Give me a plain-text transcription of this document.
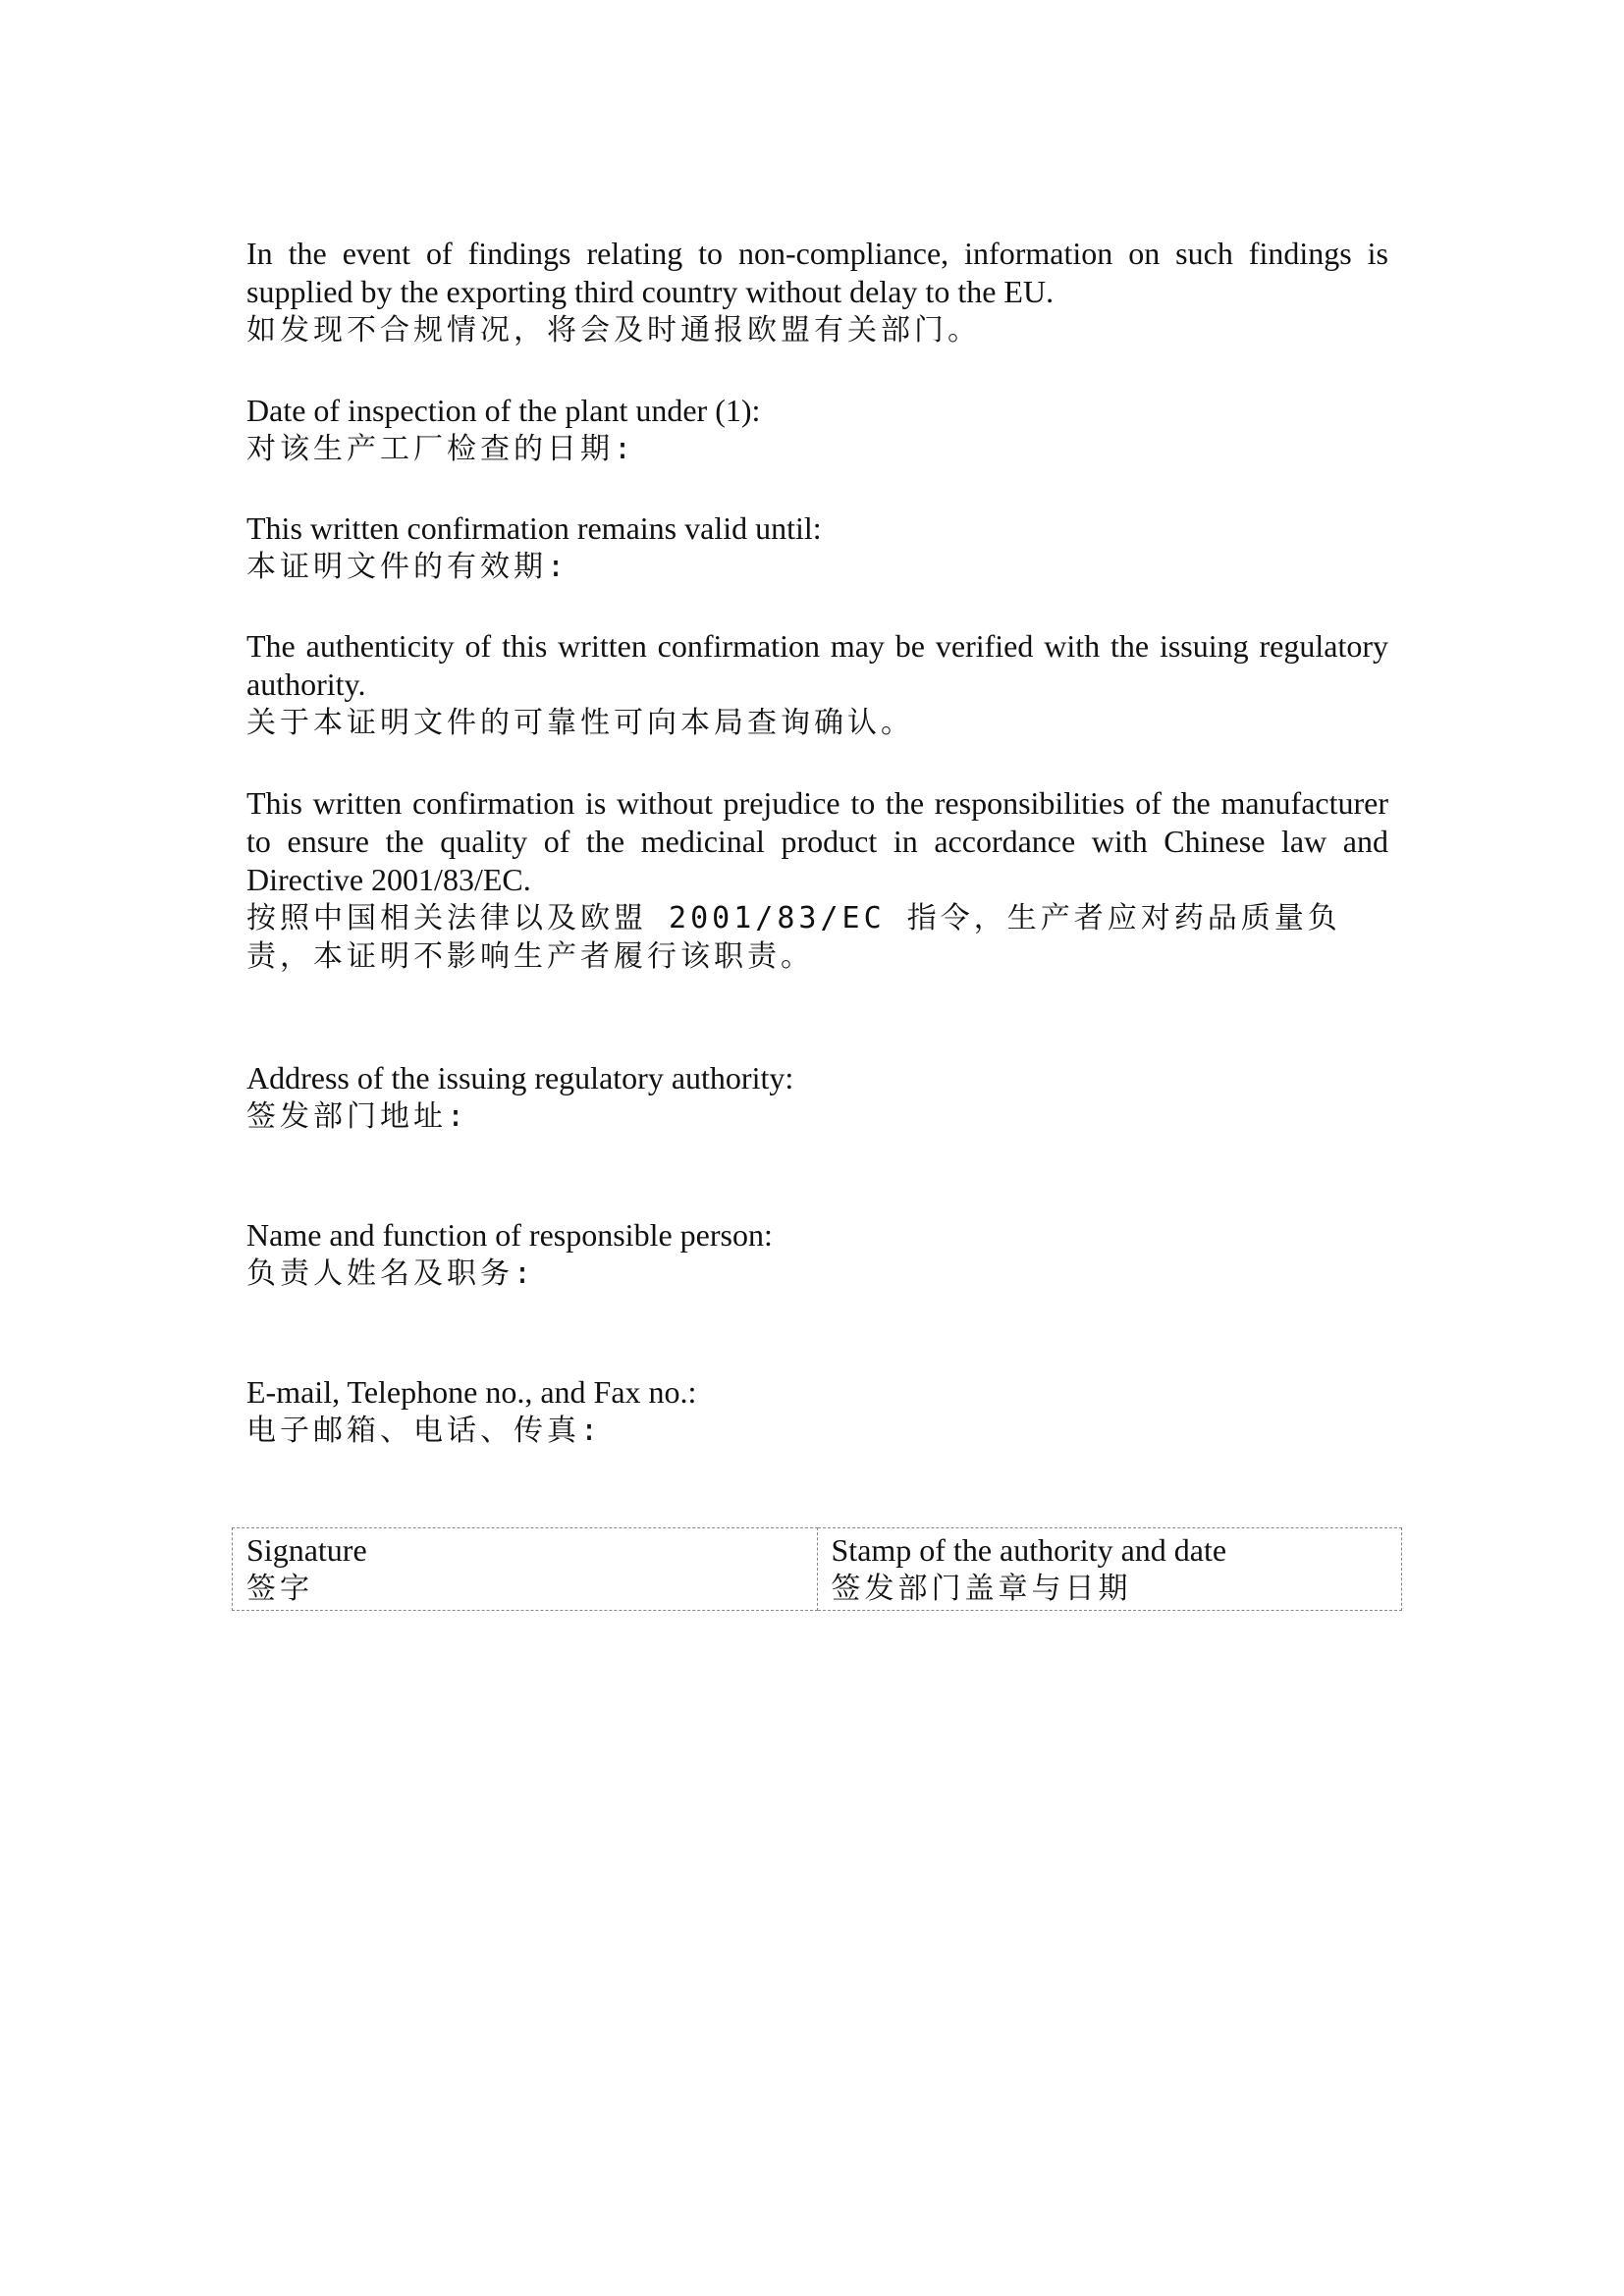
In the event of findings relating to non-compliance, information on such findings is supplied by the exporting third country without delay to the EU.

如发现不合规情况，将会及时通报欧盟有关部门。

Date of inspection of the plant under (1):

对该生产工厂检查的日期:

This written confirmation remains valid until:

本证明文件的有效期:

The authenticity of this written confirmation may be verified with the issuing regulatory authority.

关于本证明文件的可靠性可向本局查询确认。

This written confirmation is without prejudice to the responsibilities of the manufacturer to ensure the quality of the medicinal product in accordance with Chinese law and Directive 2001/83/EC.

按照中国相关法律以及欧盟 2001/83/EC 指令，生产者应对药品质量负责，本证明不影响生产者履行该职责。

Address of the issuing regulatory authority:

签发部门地址:

Name and function of responsible person:

负责人姓名及职务:

E-mail, Telephone no., and Fax no.:

电子邮箱、电话、传真:

Signature
签字

Stamp of the authority and date
签发部门盖章与日期
